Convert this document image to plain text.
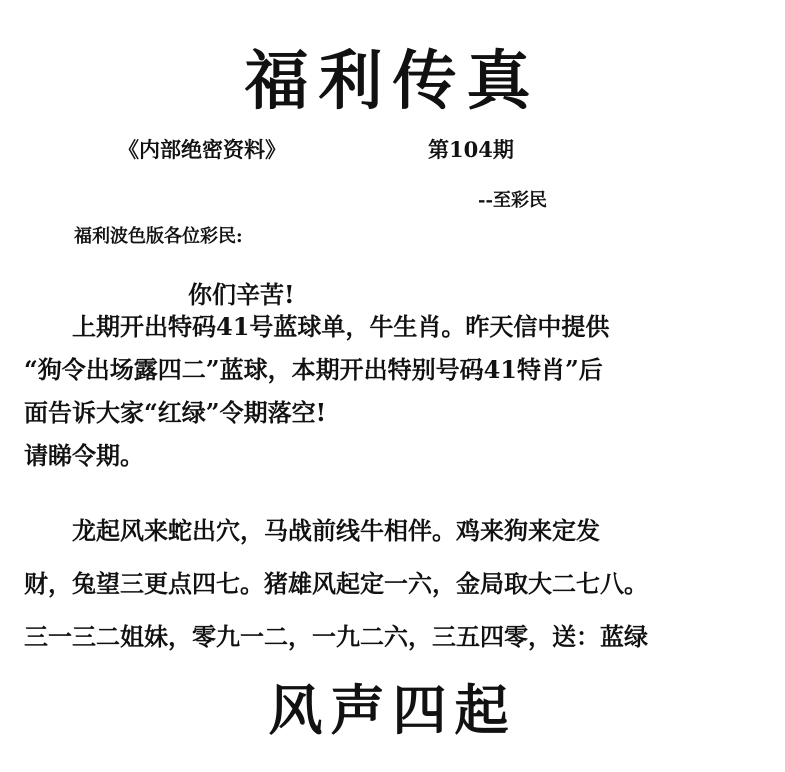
福利传真
《内部绝密资料》	第104期
--至彩民
福利波色版各位彩民:
你们辛苦!
　　上期开出特码41号蓝球单，牛生肖。昨天信中提供
“狗令出场露四二”蓝球，本期开出特别号码41特肖”后
面告诉大家“红绿”令期落空!
请睇令期。
　　龙起风来蛇出穴，马战前线牛相伴。鸡来狗来定发
财，兔望三更点四七。猪雄风起定一六，金局取大二七八。
三一三二姐妹，零九一二，一九二六，三五四零，送：蓝绿
风声四起
